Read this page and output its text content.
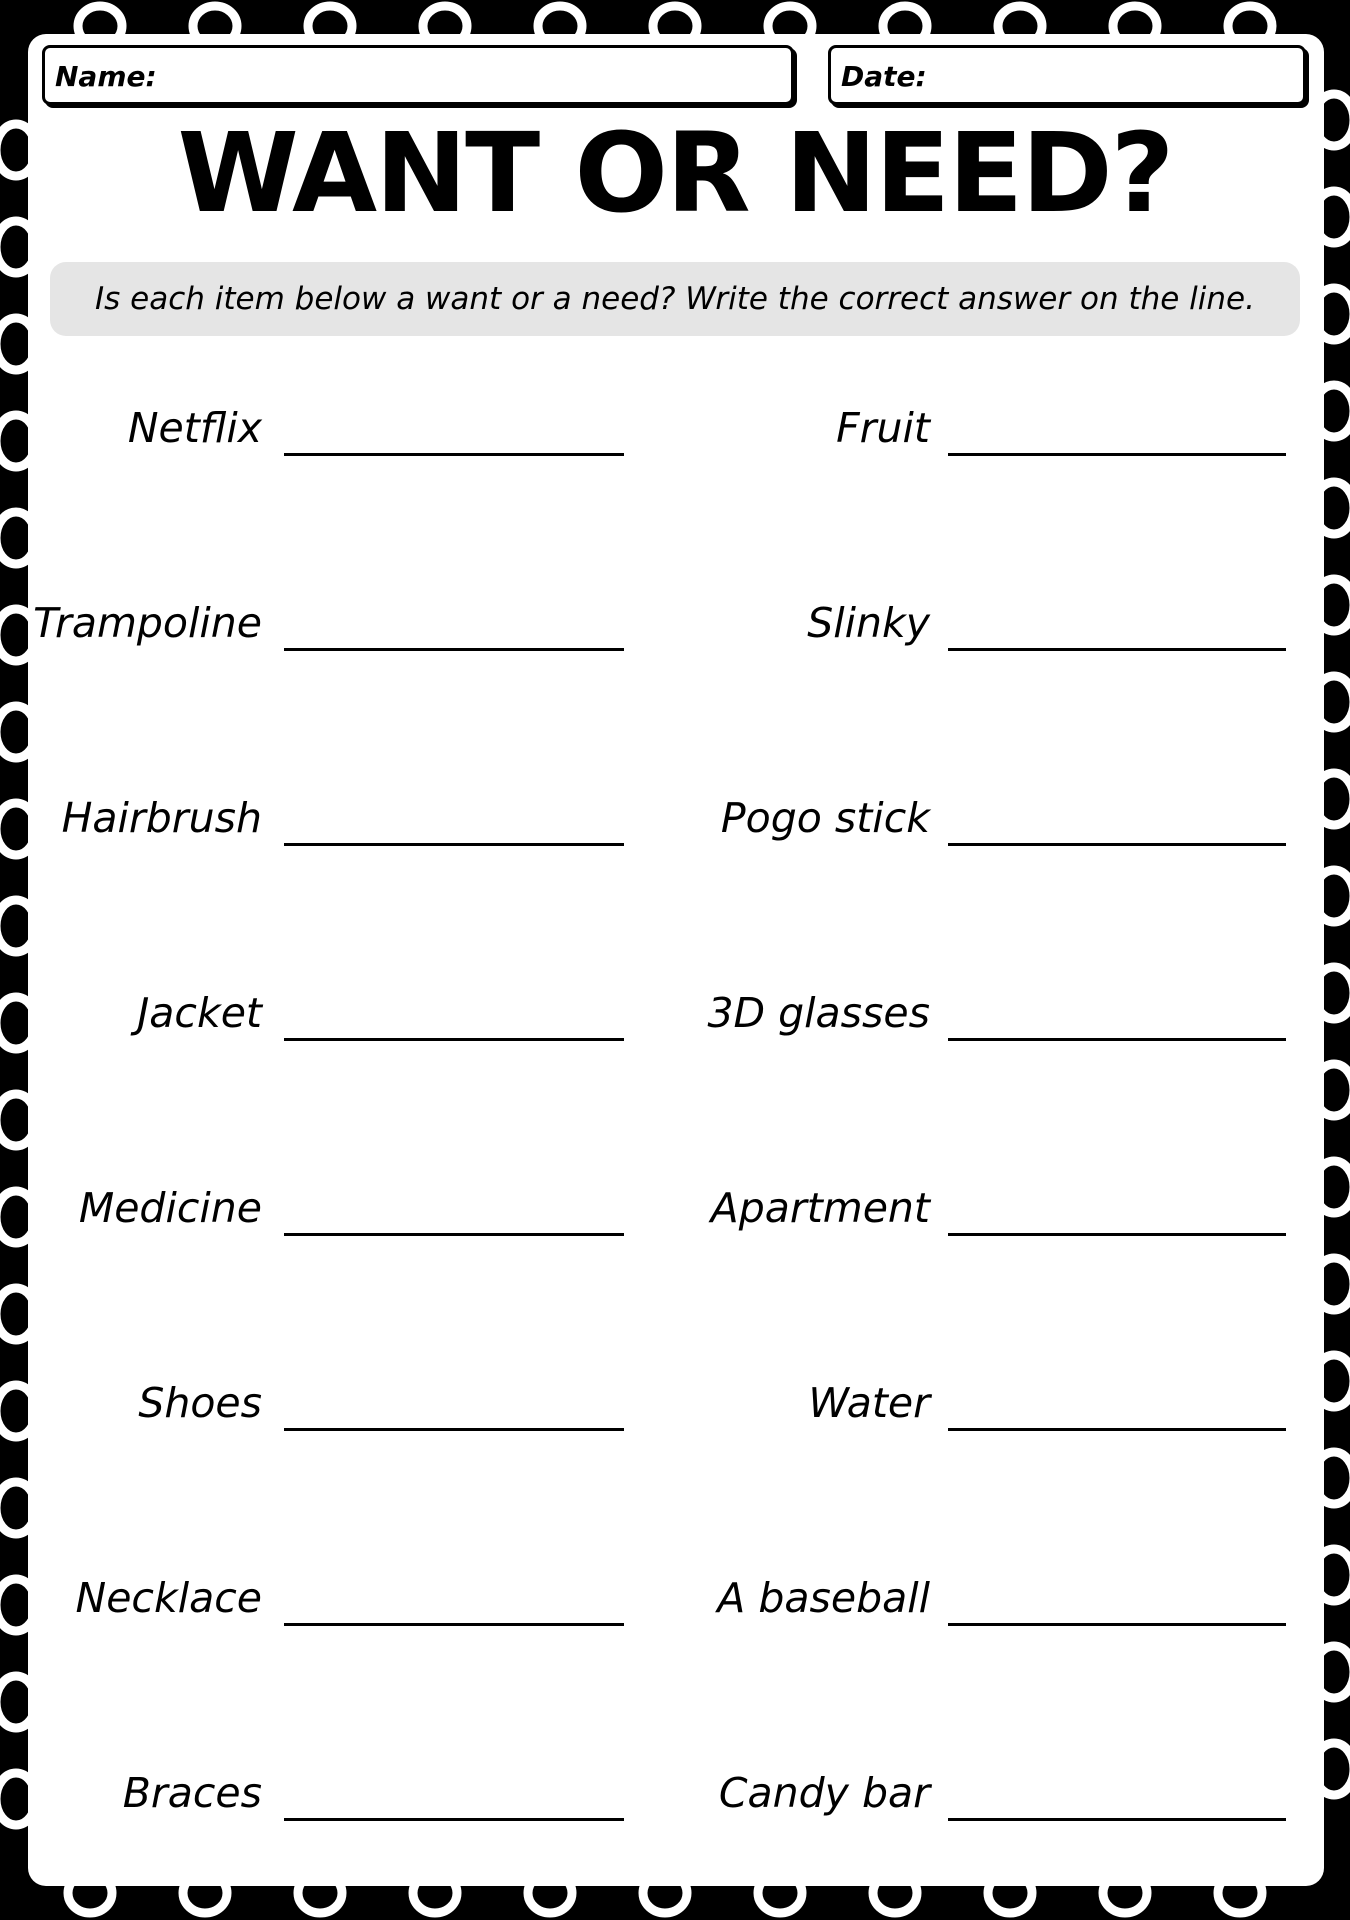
Name:	Date:
WANT OR NEED?
Is each item below a want or a need? Write the correct answer on the line.
Netflix
Trampoline
Hairbrush
Jacket
Medicine
Shoes
Necklace
Braces
Fruit
Slinky
Pogo stick
3D glasses
Apartment
Water
A baseball
Candy bar
